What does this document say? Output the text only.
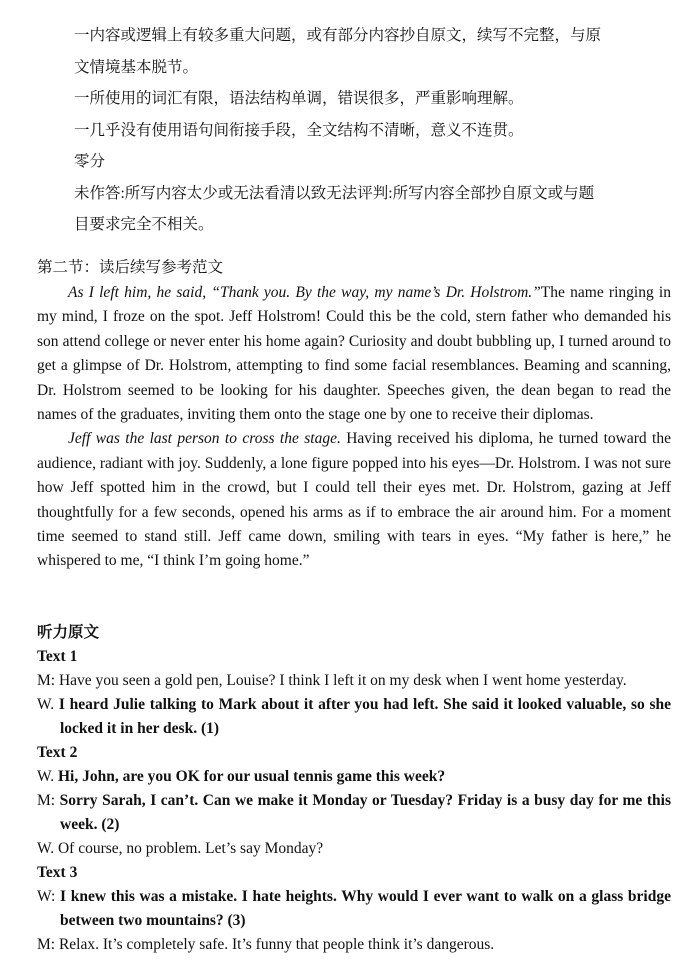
一内容或逻辑上有较多重大问题，或有部分内容抄自原文，续写不完整，与原

文情境基本脱节。

一所使用的词汇有限，语法结构单调，错误很多，严重影响理解。

一几乎没有使用语句间衔接手段，全文结构不清晰，意义不连贯。

零分

未作答:所写内容太少或无法看清以致无法评判:所写内容全部抄自原文或与题

目要求完全不相关。

第二节：读后续写参考范文

As I left him, he said, “Thank you. By the way, my name’s Dr. Holstrom.”The name ringing in my mind, I froze on the spot. Jeff Holstrom! Could this be the cold, stern father who demanded his son attend college or never enter his home again? Curiosity and doubt bubbling up, I turned around to get a glimpse of Dr. Holstrom, attempting to find some facial resemblances. Beaming and scanning, Dr. Holstrom seemed to be looking for his daughter. Speeches given, the dean began to read the names of the graduates, inviting them onto the stage one by one to receive their diplomas.

Jeff was the last person to cross the stage. Having received his diploma, he turned toward the audience, radiant with joy. Suddenly, a lone figure popped into his eyes—Dr. Holstrom. I was not sure how Jeff spotted him in the crowd, but I could tell their eyes met. Dr. Holstrom, gazing at Jeff thoughtfully for a few seconds, opened his arms as if to embrace the air around him. For a moment time seemed to stand still. Jeff came down, smiling with tears in eyes. “My father is here,” he whispered to me, “I think I’m going home.”

听力原文

Text 1

M: Have you seen a gold pen, Louise? I think I left it on my desk when I went home yesterday.

W. I heard Julie talking to Mark about it after you had left. She said it looked valuable, so she locked it in her desk. (1)

Text 2

W. Hi, John, are you OK for our usual tennis game this week?

M: Sorry Sarah, I can’t. Can we make it Monday or Tuesday? Friday is a busy day for me this week. (2)

W. Of course, no problem. Let’s say Monday?

Text 3

W: I knew this was a mistake. I hate heights. Why would I ever want to walk on a glass bridge between two mountains? (3)

M: Relax. It’s completely safe. It’s funny that people think it’s dangerous.
